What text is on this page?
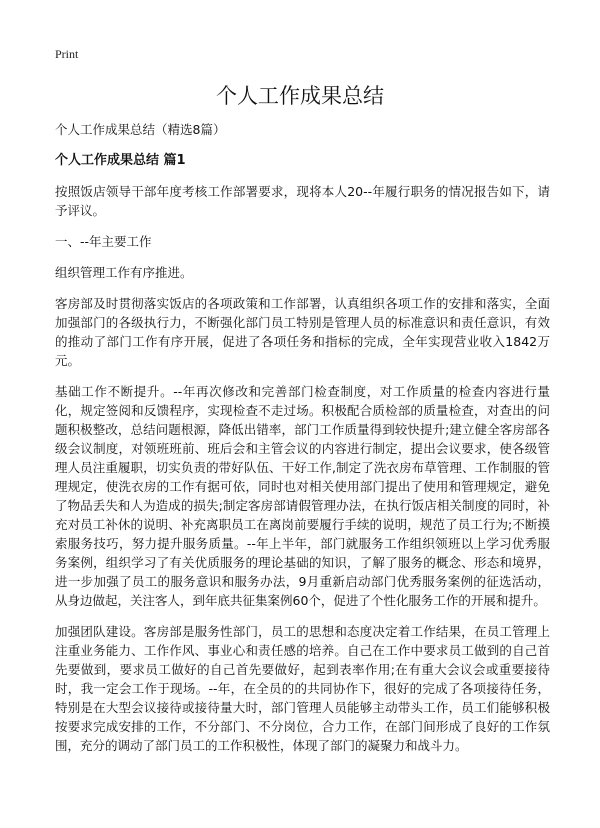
Print
个人工作成果总结

个人工作成果总结（精选8篇）

个人工作成果总结 篇1

按照饭店领导干部年度考核工作部署要求，现将本人20--年履行职务的情况报告如下，请予评议。

一、--年主要工作

组织管理工作有序推进。

客房部及时贯彻落实饭店的各项政策和工作部署，认真组织各项工作的安排和落实，全面加强部门的各级执行力，不断强化部门员工特别是管理人员的标准意识和责任意识，有效的推动了部门工作有序开展，促进了各项任务和指标的完成，全年实现营业收入1842万元。

基础工作不断提升。--年再次修改和完善部门检查制度，对工作质量的检查内容进行量化，规定签阅和反馈程序，实现检查不走过场。积极配合质检部的质量检查，对查出的问题积极整改，总结问题根源，降低出错率，部门工作质量得到较快提升;建立健全客房部各级会议制度，对领班班前、班后会和主管会议的内容进行制定，提出会议要求，使各级管理人员注重履职，切实负责的带好队伍、干好工作,制定了洗衣房布草管理、工作制服的管理规定，使洗衣房的工作有据可依，同时也对相关使用部门提出了使用和管理规定，避免了物品丢失和人为造成的损失;制定客房部请假管理办法，在执行饭店相关制度的同时，补充对员工补休的说明、补充离职员工在离岗前要履行手续的说明，规范了员工行为;不断摸索服务技巧，努力提升服务质量。--年上半年，部门就服务工作组织领班以上学习优秀服务案例，组织学习了有关优质服务的理论基础的知识，了解了服务的概念、形态和境界，进一步加强了员工的服务意识和服务办法，9月重新启动部门优秀服务案例的征选活动，从身边做起，关注客人，到年底共征集案例60个，促进了个性化服务工作的开展和提升。

加强团队建设。客房部是服务性部门，员工的思想和态度决定着工作结果，在员工管理上注重业务能力、工作作风、事业心和责任感的培养。自己在工作中要求员工做到的自己首先要做到，要求员工做好的自己首先要做好，起到表率作用;在有重大会议会或重要接待时，我一定会工作于现场。--年，在全员的的共同协作下，很好的完成了各项接待任务，特别是在大型会议接待或接待量大时，部门管理人员能够主动带头工作，员工们能够积极按要求完成安排的工作，不分部门、不分岗位，合力工作，在部门间形成了良好的工作氛围，充分的调动了部门员工的工作积极性，体现了部门的凝聚力和战斗力。
